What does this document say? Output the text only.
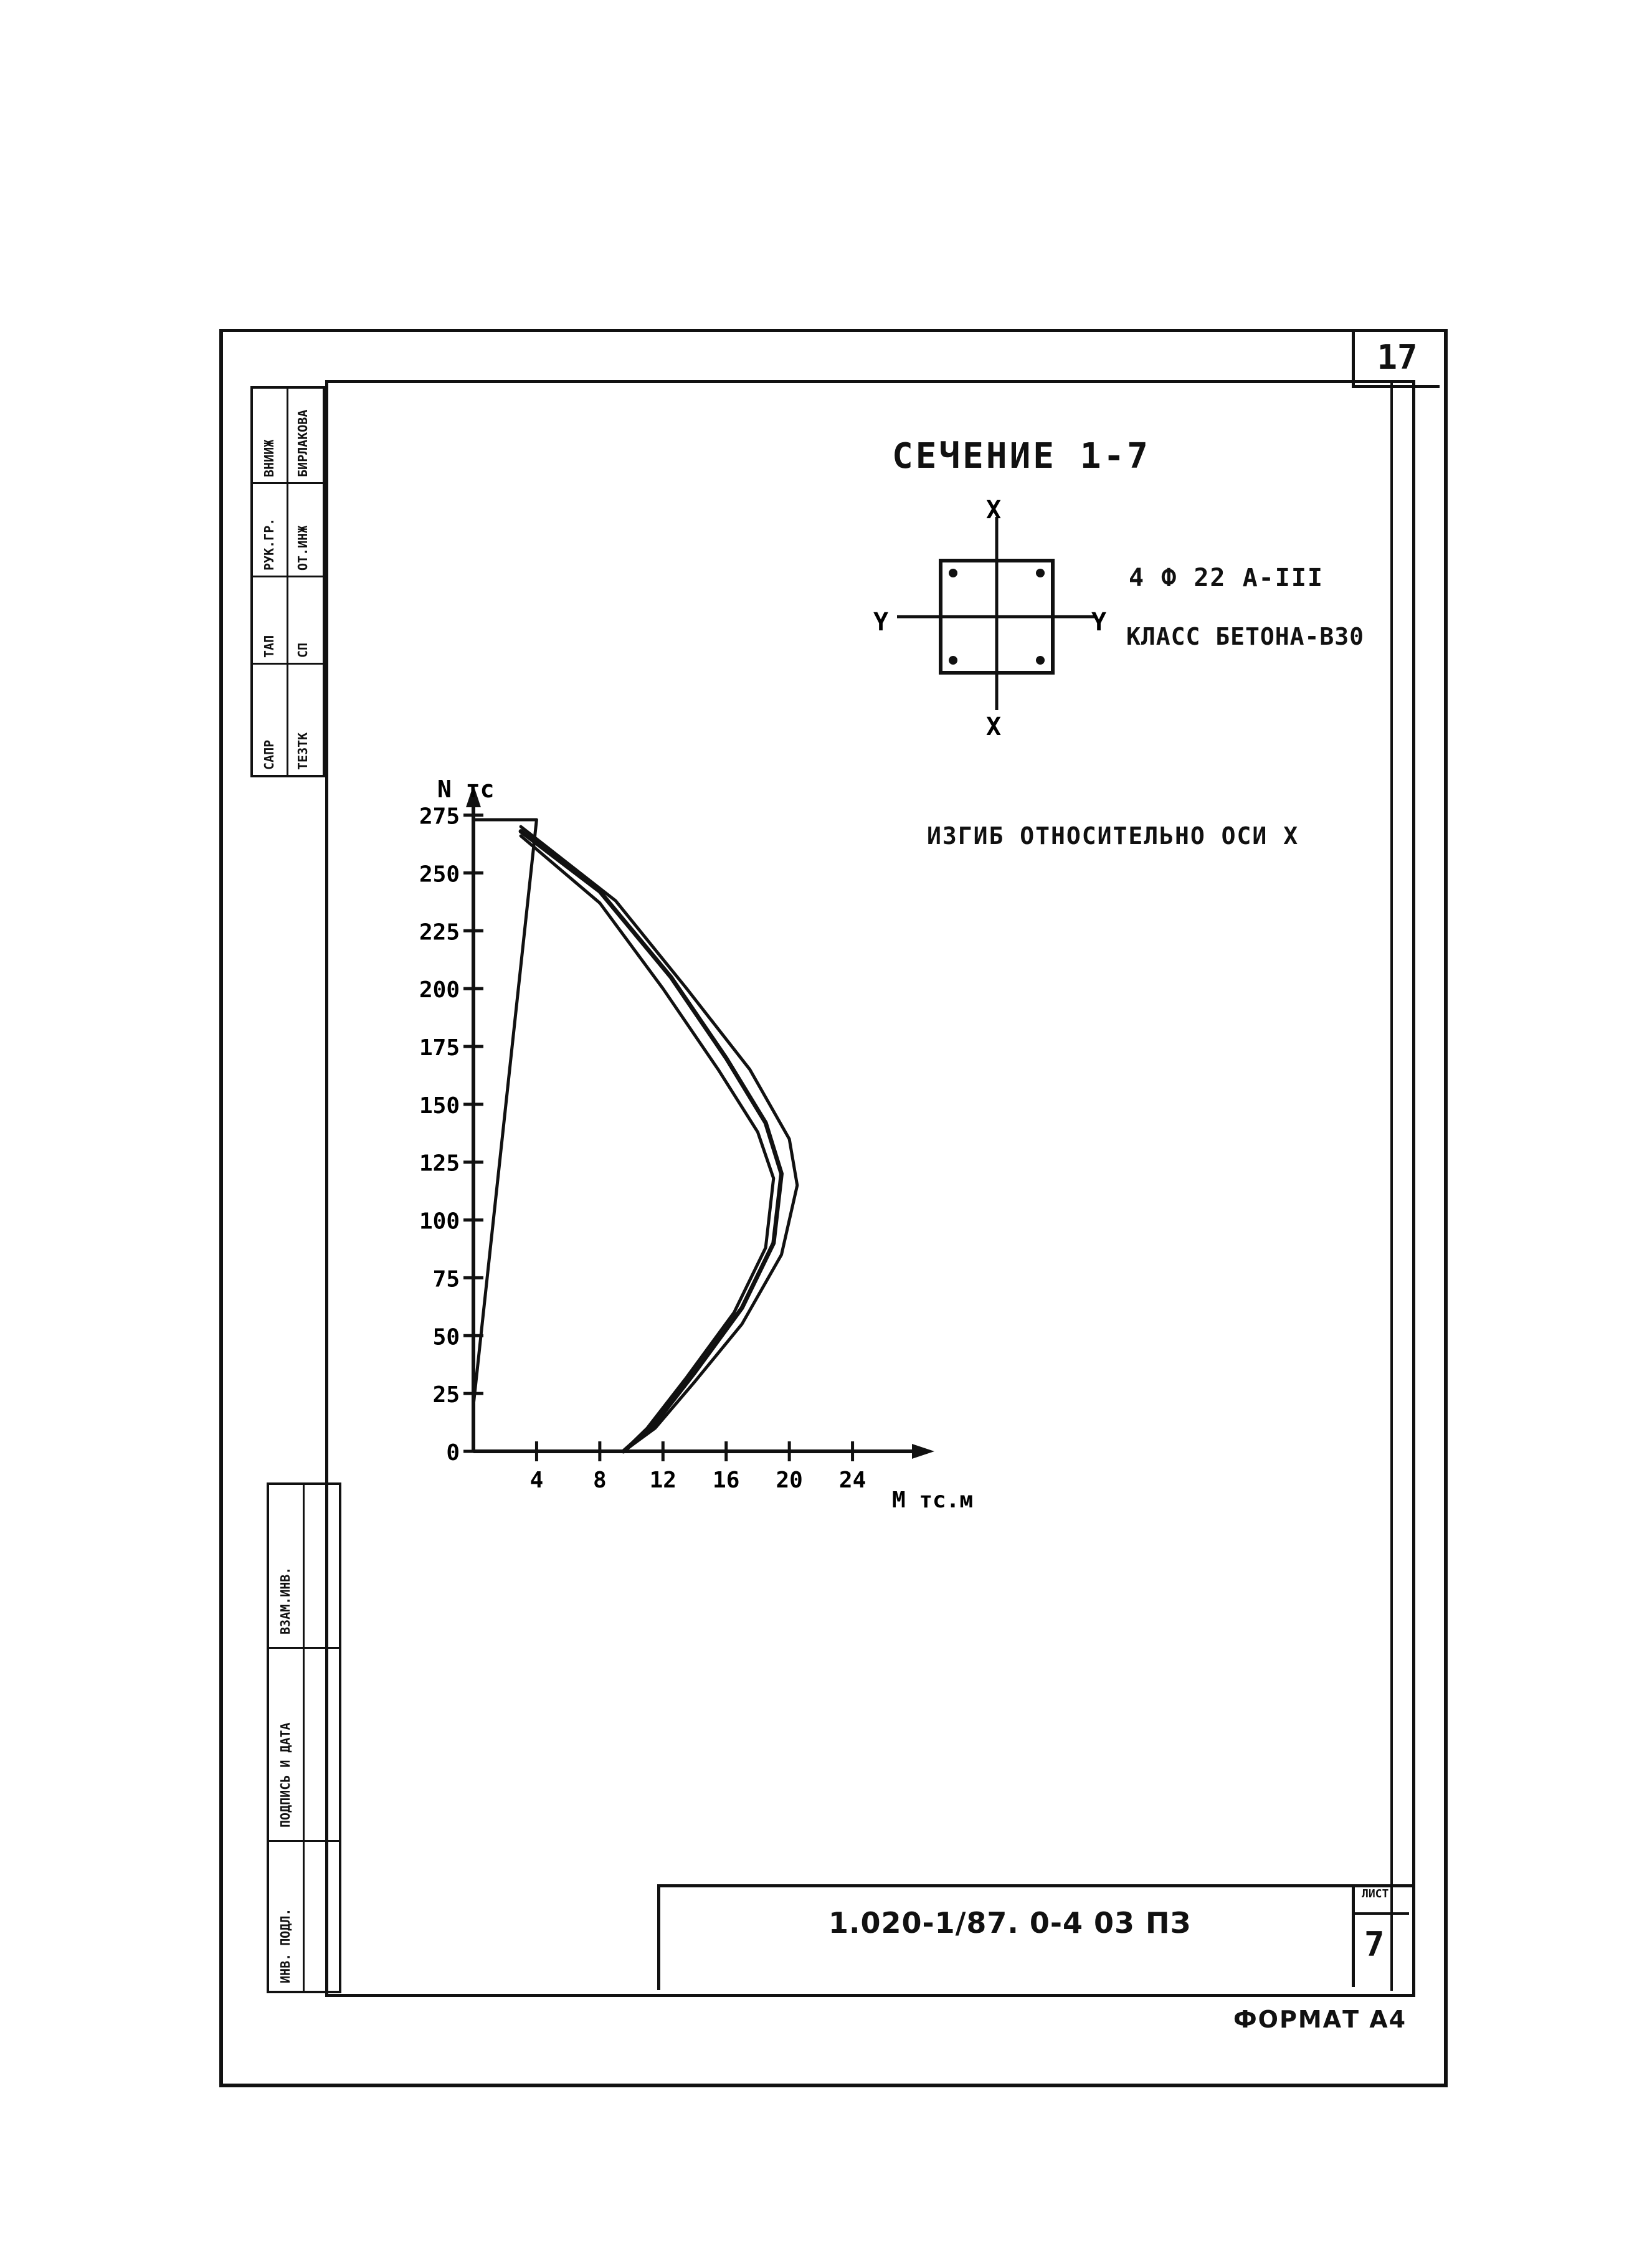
17
САПР ТЕЗТК
ТАП СП
РУК.ГР. ОТ.ИНЖ
ВНИИЖ БИРЛАКОВА
ВЗАМ.ИНВ.
ПОДПИСЬ И ДАТА
ИНВ. ПОДЛ.
СЕЧЕНИЕ 1-7
4 Ф 22 А-III
КЛАСС БЕТОНА-В30
ИЗГИБ ОТНОСИТЕЛЬНО ОСИ X
X
X
Y	Y
0
25
50
75
100
125
150
175
200
225
250
275
4 8 12 16 20 24
N тс
М тс.м
1.020-1/87. 0-4 03 ПЗ
ЛИСТ
7
ФОРМАТ А4
